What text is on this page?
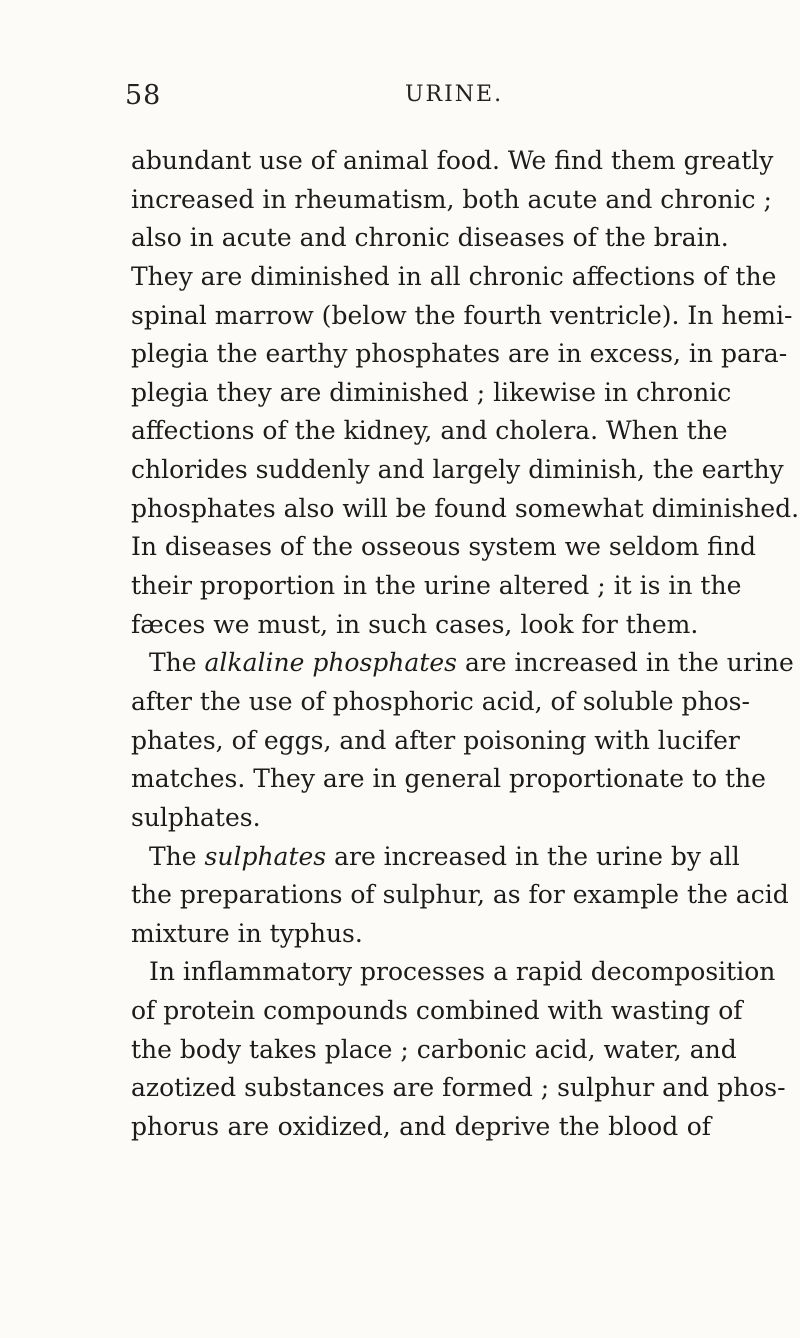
58	URINE.
abundant use of animal food. We find them greatly
increased in rheumatism, both acute and chronic ;
also in acute and chronic diseases of the brain.
They are diminished in all chronic affections of the
spinal marrow (below the fourth ventricle). In hemi-
plegia the earthy phosphates are in excess, in para-
plegia they are diminished ; likewise in chronic
affections of the kidney, and cholera. When the
chlorides suddenly and largely diminish, the earthy
phosphates also will be found somewhat diminished.
In diseases of the osseous system we seldom find
their proportion in the urine altered ; it is in the
fæces we must, in such cases, look for them.
The alkaline phosphates are increased in the urine
after the use of phosphoric acid, of soluble phos-
phates, of eggs, and after poisoning with lucifer
matches. They are in general proportionate to the
sulphates.
The sulphates are increased in the urine by all
the preparations of sulphur, as for example the acid
mixture in typhus.
In inflammatory processes a rapid decomposition
of protein compounds combined with wasting of
the body takes place ; carbonic acid, water, and
azotized substances are formed ; sulphur and phos-
phorus are oxidized, and deprive the blood of
